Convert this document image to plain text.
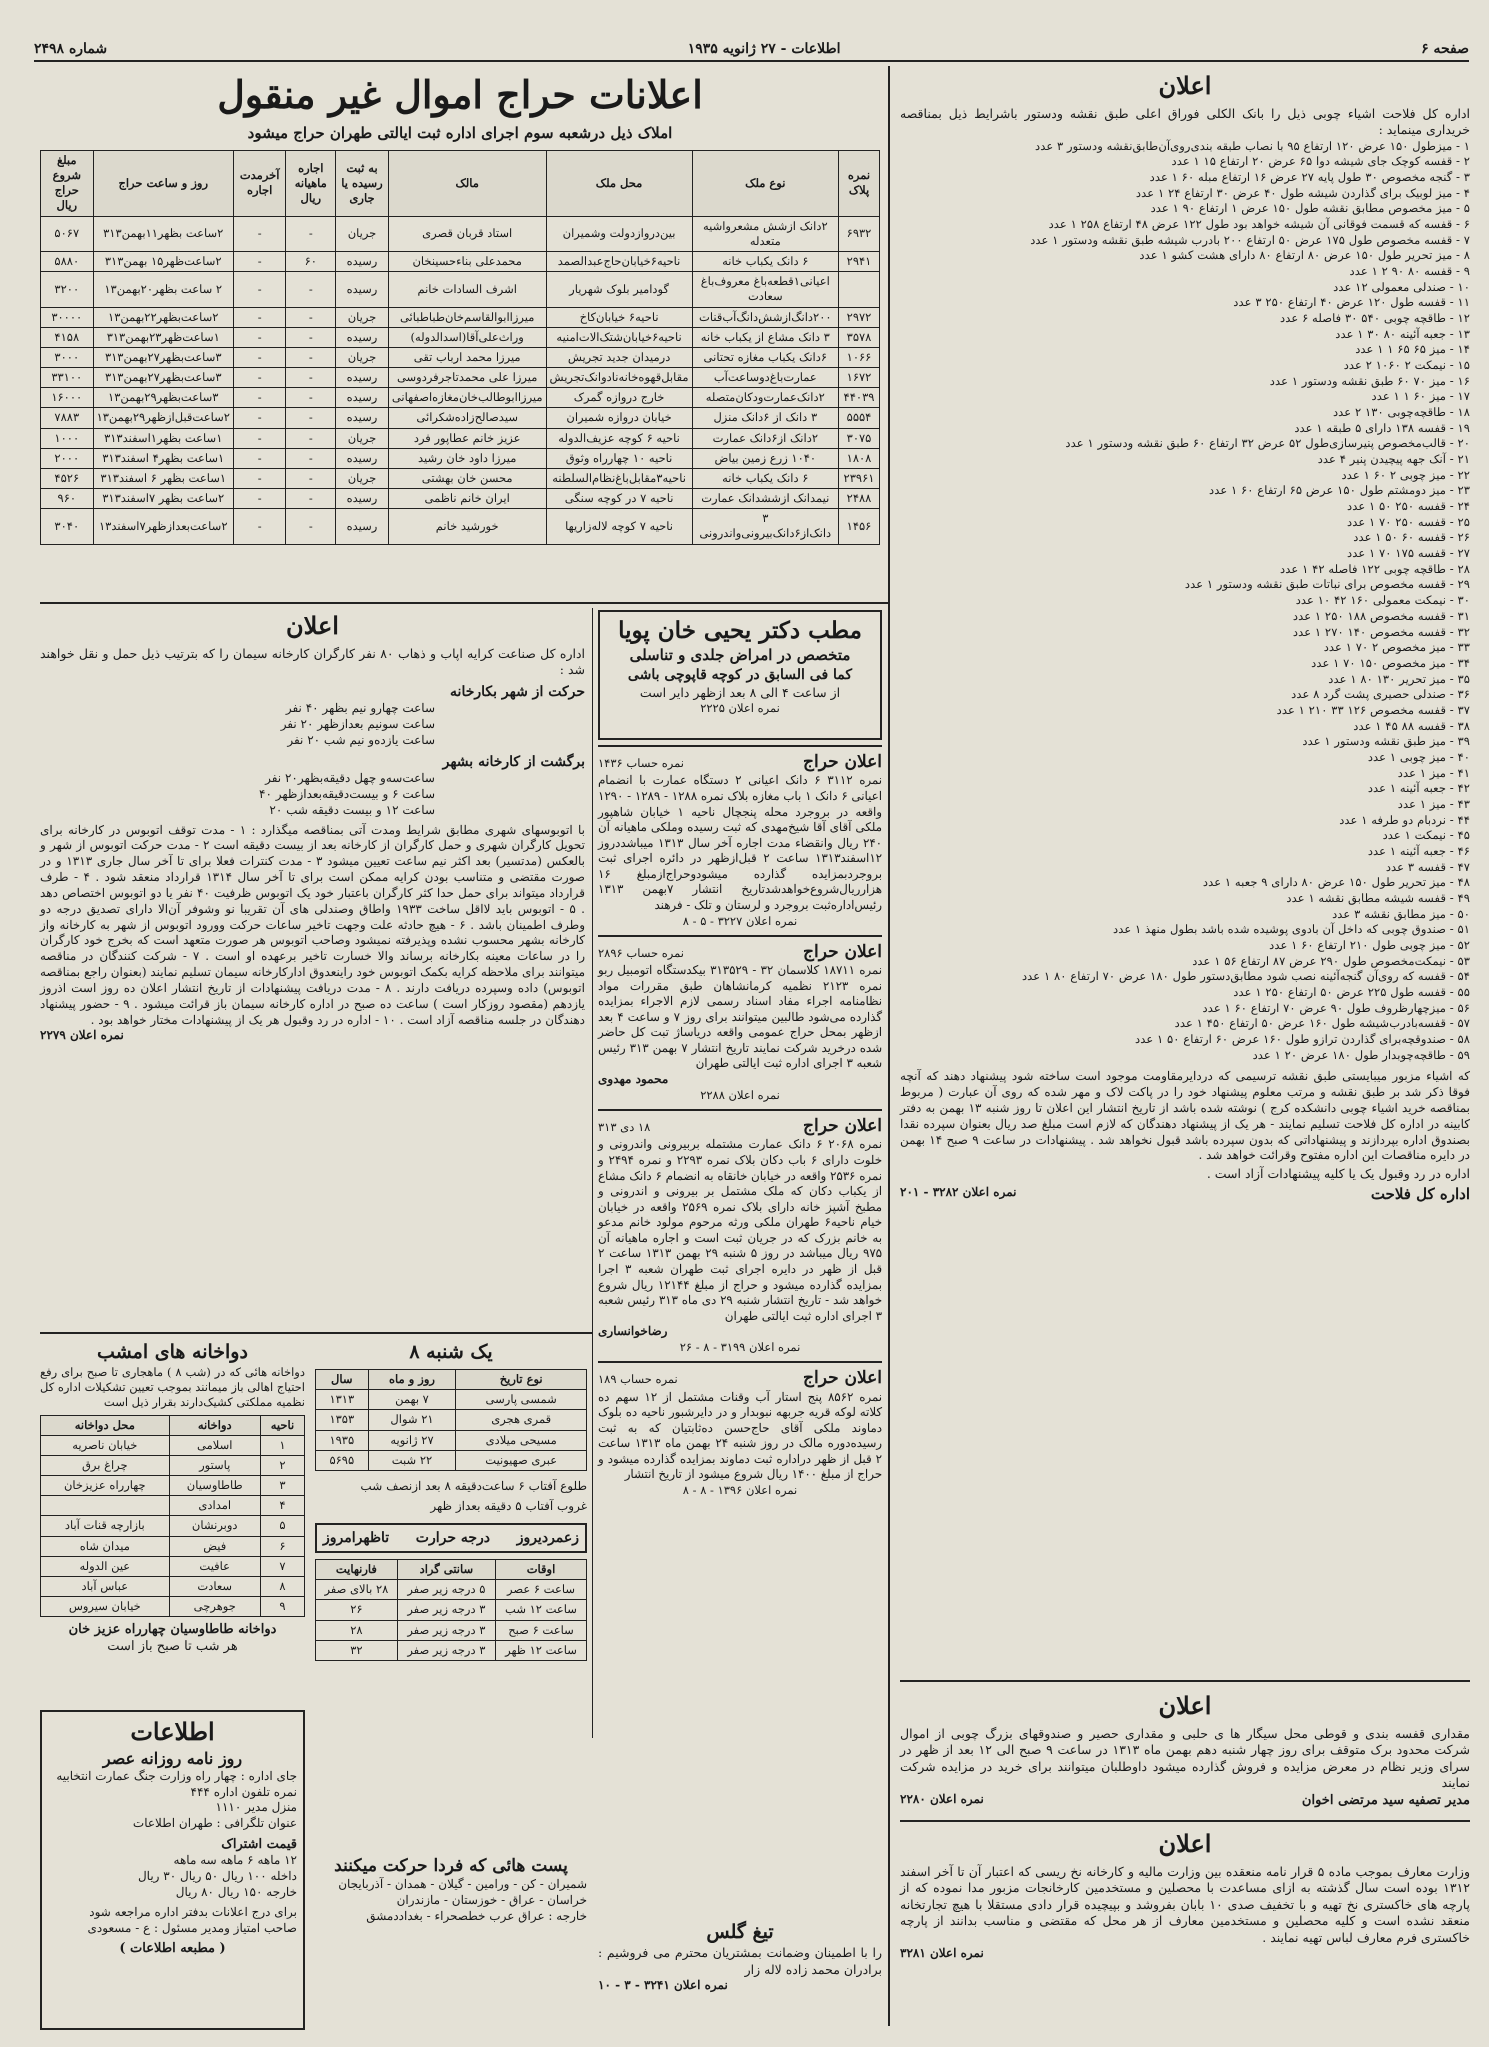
صفحه ۶
اطلاعات - ۲۷ ژانویه ۱۹۳۵
شماره ۲۴۹۸
اعلانات حراج اموال غیر منقول
املاک ذیل درشعبه سوم اجرای اداره ثبت ایالتی طهران حراج میشود
نمره پلاک	نوع ملک	محل ملک	مالک	به ثبت رسیده یا جاری	اجاره ماهیانه ریال	آخرمدت اجاره	روز و ساعت حراج	مبلغ شروع حراج ریال
۶۹۳۲	۲دانک ازشش مشعرواشیه متعدله	بین‌دروازدولت وشمیران	استاد قربان قصری	جریان	-	-	۲ساعت بظهر۱۱بهمن۳۱۳	۵۰۶۷
۲۹۴۱	۶ دانک یکباب خانه	ناحیه‌۶خیابان‌حاج‌عبدالصمد	محمدعلی بناءحسینخان	رسیده	۶۰	-	۲ساعت‌ظهر۱۵ بهمن۳۱۳	۵۸۸۰
	اعیانی‌۱قطعه‌باغ معروف‌باغ سعادت	گودامیر بلوک شهریار	اشرف السادات خانم	رسیده	-	-	۲ ساعت بظهر۲۰بهمن۱۳	۳۲۰۰
۲۹۷۲	۲۰۰دانگ‌ازشش‌دانگ‌آب‌قنات	ناحیه۶ خیابان‌کاخ	میرزاابوالقاسم‌خان‌طباطبائی	جریان	-	-	۲ساعت‌بظهر۲۲بهمن۱۳	۳۰۰۰۰
۳۵۷۸	۳ دانک مشاع از یکباب خانه	ناحیه۶خیابان‌شتک‌الات‌امنیه	وراث‌علی‌آقا(اسدالدوله)	رسیده	-	-	۱ساعت‌ظهر۲۳بهمن۳۱۳	۴۱۵۸
۱۰۶۶	۶دانک یکباب مغازه تحتانی	درمیدان جدید تجریش	میرزا محمد ارباب تقی	جریان	-	-	۳ساعت‌بظهر۲۷بهمن۳۱۳	۳۰۰۰
۱۶۷۲	عمارت‌باغ‌دوساعت‌آب	مقابل‌قهوه‌خانه‌نادوانک‌تجریش	میرزا علی محمدتاجرفردوسی	رسیده	-	-	۳ساعت‌بظهر۲۷بهمن۳۱۳	۳۳۱۰۰
۴۴۰۳۹	۲دانک‌عمارت‌ودکان‌متصله	خارج دروازه گمرک	میرزاابوطالب‌خان‌مغازه‌اصفهانی	رسیده	-	-	۳ساعت‌بظهر۲۹بهمن۱۳	۱۶۰۰۰
۵۵۵۴	۳ دانک از ۶دانک منزل	خیابان دروازه شمیران	سیدصالح‌زاده‌شکرائی	رسیده	-	-	۲ساعت‌قبل‌ازظهر۲۹بهمن۱۳	۷۸۸۳
۳۰۷۵	۲دانک از۶دانک عمارت	ناحیه ۶ کوچه عزیف‌الدوله	عزیز خانم عطاپور فرد	جریان	-	-	۱ساعت بظهر۱اسفند۳۱۳	۱۰۰۰
۱۸۰۸	۱۰۴۰ زرع زمین بیاض	ناحیه ۱۰ چهارراه وثوق	میرزا داود خان رشید	رسیده	-	-	۱ساعت بظهر۴ اسفند۳۱۳	۲۰۰۰
۲۳۹۶۱	۶ دانک یکباب خانه	ناحیه۳مقابل‌باغ‌نظام‌السلطنه	محسن خان بهشتی	جریان	-	-	۱ساعت بظهر ۶ اسفند۳۱۳	۴۵۲۶
۲۴۸۸	نیمدانک ازششدانک عمارت	ناحیه ۷ در کوچه سنگی	ایران خانم ناظمی	رسیده	-	-	۲ساعت بظهر ۷اسفند۳۱۳	۹۶۰
۱۴۵۶	۳ دانک‌از۶دانک‌بیرونی‌واندرونی	ناحیه ۷ کوچه لاله‌زاریها	خورشید خانم	رسیده	-	-	۲ساعت‌بعدازظهر۷اسفند۱۳	۳۰۴۰
اعلان

اداره کل فلاحت اشیاء چوبی ذیل را بانک الکلی فوراق اعلی طبق نقشه ودستور باشرایط ذیل بمناقصه خریداری مینماید :

۱ - میزطول ۱۵۰ عرض ۱۲۰ ارتفاع ۹۵ با نصاب طبقه بندی‌روی‌آن‌طابق‌نقشه ودستور ۳ عدد
۲ - قفسه کوچک جای شیشه دوا ۶۵ عرض ۲۰ ارتفاع ۱۵ ۱ عدد
۳ - گنجه مخصوص ۳۰ طول پایه ۲۷ عرض ۱۶ ارتفاع مبله ۶۰ ۱ عدد
۴ - میز لوبیک برای گذاردن شیشه طول ۴۰ عرض ۳۰ ارتفاع ۲۴ ۱ عدد
۵ - میز مخصوص مطابق نقشه طول ۱۵۰ عرض ۱ ارتفاع ۹۰ ۱ عدد
۶ - قفسه که قسمت فوقانی آن شیشه خواهد بود طول ۱۲۲ عرض ۴۸ ارتفاع ۲۵۸ ۱ عدد
۷ - قفسه مخصوص طول ۱۷۵ عرض ۵۰ ارتفاع ۲۰۰ بادرب شیشه طبق نقشه ودستور ۱ عدد
۸ - میز تحریر طول ۱۵۰ عرض ۸۰ ارتفاع ۸۰ دارای هشت کشو ۱ عدد
۹ - قفسه ۸۰ ۹۰ ۲ ۱ عدد
۱۰ - صندلی معمولی ۱۲ عدد
۱۱ - قفسه طول ۱۲۰ عرض ۴۰ ارتفاع ۲۵۰ ۳ عدد
۱۲ - طاقچه چوبی ۵۴۰ ۳۰ فاصله ۶ عدد
۱۳ - جعبه آئینه ۸۰ ۳۰ ۱ عدد
۱۴ - میز ۶۵ ۶۵ ۱ ۱ عدد
۱۵ - نیمکت ۲ ۱۰۶۰ ۲ عدد
۱۶ - میز ۷۰ ۶۰ طبق نقشه ودستور ۱ عدد
۱۷ - میز ۶۰ ۱ ۱ عدد
۱۸ - طاقچه‌چوبی ۱۳۰ ۲ عدد
۱۹ - قفسه ۱۳۸ دارای ۵ طبقه ۱ عدد
۲۰ - قالب‌مخصوص پنیرسازی‌طول ۵۲ عرض ۳۲ ارتفاع ۶۰ طبق نقشه ودستور ۱ عدد
۲۱ - آنک جهه پیچیدن پنیر ۴ عدد
۲۲ - میز چوبی ۲ ۶۰ ۱ عدد
۲۳ - میز دومشتم طول ۱۵۰ عرض ۶۵ ارتفاع ۶۰ ۱ عدد
۲۴ - قفسه ۲۵۰ ۵۰ ۱ عدد
۲۵ - قفسه ۲۵۰ ۷۰ ۱ عدد
۲۶ - قفسه ۶۰ ۵۰ ۱ عدد
۲۷ - قفسه ۱۷۵ ۷۰ ۱ عدد
۲۸ - طاقچه چوبی ۱۲۲ فاصله ۴۲ ۱ عدد
۲۹ - قفسه مخصوص برای نباتات طبق نقشه ودستور ۱ عدد
۳۰ - نیمکت معمولی ۱۶۰ ۴۲ ۱۰ عدد
۳۱ - قفسه مخصوص ۱۸۸ ۲۵۰ ۱ عدد
۳۲ - قفسه مخصوص ۱۴۰ ۲۷۰ ۱ عدد
۳۳ - میز مخصوص ۲ ۷۰ ۱ عدد
۳۴ - میز مخصوص ۱۵۰ ۷۰ ۱ عدد
۳۵ - میز تحریر ۱۳۰ ۸۰ ۱ عدد
۳۶ - صندلی حصیری پشت گرد ۸ عدد
۳۷ - قفسه مخصوص ۱۲۶ ۳۳ ۲۱۰ ۱ عدد
۳۸ - قفسه ۸۸ ۴۵ ۱ عدد
۳۹ - میز طبق نقشه ودستور ۱ عدد
۴۰ - میز چوبی ۱ عدد
۴۱ - میز ۱ عدد
۴۲ - جعبه آئینه ۱ عدد
۴۳ - میز ۱ عدد
۴۴ - نردبام دو طرفه ۱ عدد
۴۵ - نیمکت ۱ عدد
۴۶ - جعبه آئینه ۱ عدد
۴۷ - قفسه ۳ عدد
۴۸ - میز تحریر طول ۱۵۰ عرض ۸۰ دارای ۹ جعبه ۱ عدد
۴۹ - قفسه شیشه مطابق نقشه ۱ عدد
۵۰ - میز مطابق نقشه ۳ عدد
۵۱ - صندوق چوبی که داخل آن بادوی پوشیده شده باشد بطول منهذ ۱ عدد
۵۲ - میز چوبی طول ۲۱۰ ارتفاع ۶۰ ۱ عدد
۵۳ - نیمکت‌مخصوص طول ۲۹۰ عرض ۸۷ ارتفاع ۵۶ ۱ عدد
۵۴ - قفسه که روی‌آن گنجه‌آئینه نصب شود مطابق‌دستور طول ۱۸۰ عرض ۷۰ ارتفاع ۸۰ ۱ عدد
۵۵ - قفسه طول ۲۲۵ عرض ۵۰ ارتفاع ۲۵۰ ۱ عدد
۵۶ - میزچهارظروف طول ۹۰ عرض ۷۰ ارتفاع ۶۰ ۱ عدد
۵۷ - قفسه‌بادرب‌شیشه طول ۱۶۰ عرض ۵۰ ارتفاع ۴۵۰ ۱ عدد
۵۸ - صندوقچه‌برای گذاردن ترازو طول ۱۶۰ عرض ۶۰ ارتفاع ۵۰ ۱ عدد
۵۹ - طاقچه‌چوبدار طول ۱۸۰ عرض ۲۰ ۱ عدد

که اشیاء مزبور میبایستی طبق نقشه ترسیمی که دردایرمقاومت موجود است ساخته شود پیشنهاد دهند که آنچه فوقا ذکر شد بر طبق نقشه و مرتب معلوم پیشنهاد خود را در پاکت لاک و مهر شده که روی آن عبارت ( مربوط بمناقصه خرید اشیاء چوبی دانشکده کرج ) نوشته شده باشد از تاریخ انتشار این اعلان تا روز شنبه ۱۳ بهمن به دفتر کابینه در اداره کل فلاحت تسلیم نمایند - هر یک از پیشنهاد دهندگان که لازم است مبلغ صد ریال بعنوان سپرده نقدا بصندوق اداره بپردازند و پیشنهاداتی که بدون سپرده باشد قبول نخواهد شد . پیشنهادات در ساعت ۹ صبح ۱۴ بهمن در دایره مناقصات این اداره مفتوح وقرائت خواهد شد .

اداره در رد وقبول یک یا کلیه پیشنهادات آزاد است .

اداره کل فلاحت
نمره اعلان ۳۲۸۲ - ۲۰۱
اعلان

مقداری قفسه بندی و قوطی محل سیگار ها ی حلبی و مقداری حصیر و صندوقهای بزرگ چوبی از اموال شرکت محدود برک متوقف برای روز چهار شنبه دهم بهمن ماه ۱۳۱۳ در ساعت ۹ صبح الی ۱۲ بعد از ظهر در سرای وزیر نظام در معرض مزایده و فروش گذارده میشود داوطلبان میتوانند برای خرید در مزایده شرکت نمایند

مدیر تصفیه سید مرتضی اخوان
نمره اعلان ۲۲۸۰
اعلان

وزارت معارف بموجب ماده ۵ قرار نامه منعقده بین وزارت مالیه و کارخانه نخ ریسی که اعتبار آن تا آخر اسفند ۱۳۱۲ بوده است سال گذشته به ازای مساعدت با محصلین و مستخدمین کارخانجات مزبور مدا نموده که از پارچه های خاکستری نخ تهیه و با تخفیف صدی ۱۰ بابان بفروشد و بپیچیده قرار دادی مستقلا با هیچ تجارتخانه منعقد نشده است و کلیه محصلین و مستخدمین معارف از هر محل که مقتضی و مناسب بدانند از پارچه خاکستری فرم معارف لباس تهیه نمایند .

نمره اعلان ۳۲۸۱
مطب دکتر یحیی خان پویا
متخصص در امراض جلدی و تناسلی
کما فی السابق در کوچه قاپوچی باشی
از ساعت ۴ الی ۸ بعد ازظهر دایر است
نمره اعلان ۲۲۲۵
اعلان حراج
نمره حساب ۱۴۳۶

نمره ۳۱۱۲ ۶ دانک اعیانی ۲ دستگاه عمارت با انضمام اعیانی ۶ دانک ۱ باب مغازه بلاک نمره ۱۲۸۸ - ۱۲۸۹ - ۱۲۹۰ واقعه در بروجرد محله پنجچال ناحیه ۱ خیابان شاهپور ملکی آقای آقا شیخ‌مهدی که ثبت رسیده وملکی ماهیانه آن ۲۴۰ ریال وانقضاء مدت اجاره آخر سال ۱۳۱۳ میباشددروز ۱۲اسفند۱۳۱۳ ساعت ۲ قبل‌ازظهر در دائره اجرای ثبت بروجردبمزایده گذارده میشودوحراج‌ازمبلغ ۱۶ هزارریال‌شروع‌خواهدشدتاریخ انتشار ۷بهمن ۱۳۱۳ رئیس‌اداره‌ثبت بروجرد و لرستان و تلک - فرهند

نمره اعلان ۳۲۲۷ - ۵ - ۸
اعلان حراج
نمره حساب ۲۸۹۶

نمره ۱۸۷۱۱ کلاسمان ۳۲ - ۳۱۳۵۲۹ بیکدستگاه اتومبیل ربو نمره ۲۱۲۳ نظمیه کرمانشاهان طبق مقررات مواد نظامنامه اجراء مفاد اسناد رسمی لازم الاجراء بمزایده گذارده می‌شود طالبین میتوانند برای روز ۷ و ساعت ۴ بعد ازظهر بمحل حراج عمومی واقعه دریاساژ تبت کل حاضر شده درخرید شرکت نمایند تاریخ انتشار ۷ بهمن ۳۱۳ رئیس شعبه ۳ اجرای اداره ثبت ایالتی طهران

محمود مهدوی
نمره اعلان ۲۲۸۸
اعلان حراج
۱۸ دی ۳۱۳

نمره ۲۰۶۸ ۶ دانک عمارت مشتمله بربیرونی واندرونی و خلوت دارای ۶ باب دکان بلاک نمره ۲۲۹۳ و نمره ۲۴۹۴ و نمره ۲۵۳۶ واقعه در خیابان خانقاه به انضمام ۶ دانک مشاع از یکباب دکان که ملک مشتمل بر بیرونی و اندرونی و مطبخ آشپز خانه دارای بلاک نمره ۲۵۶۹ واقعه در خیابان خیام ناحیه۶ طهران ملکی ورثه مرحوم مولود خانم مدعو به خانم بزرک که در جریان ثبت است و اجاره ماهیانه آن ۹۷۵ ریال میباشد در روز ۵ شنبه ۲۹ بهمن ۱۳۱۳ ساعت ۲ قبل از ظهر در دایره اجرای ثبت طهران شعبه ۳ اجرا بمزایده گذارده میشود و حراج از مبلغ ۱۲۱۴۴ ریال شروع خواهد شد - تاریخ انتشار شنبه ۲۹ دی ماه ۳۱۳ رئیس شعبه ۳ اجرای اداره ثبت ایالتی طهران

رضاخوانساری
نمره اعلان ۳۱۹۹ - ۸ - ۲۶
اعلان حراج
نمره حساب ۱۸۹

نمره ۸۵۶۲ پنج استار آب وقنات مشتمل از ۱۲ سهم ده کلاته لوکه قریه جربهه نبوبدار و در دایرشبور ناحیه ده بلوک دماوند ملکی آقای حاج‌حسن ده‌ثابتیان که به ثبت رسیده‌دوره مالک در روز شنبه ۲۴ بهمن ماه ۱۳۱۳ ساعت ۲ قبل از ظهر دراداره ثبت دماوند بمزایده گذارده میشود و حراج از مبلغ ۱۴۰۰ ریال شروع میشود از تاریخ انتشار

نمره اعلان ۱۳۹۶ - ۸ - ۸
اعلان

اداره کل صناعت کرایه اپاب و ذهاب ۸۰ نفر کارگران کارخانه سیمان را که بترتیب ذیل حمل و نقل خواهند شد :

حرکت از شهر بکارخانه
ساعت چهارو نیم بظهر ۴۰ نفر
ساعت سونیم بعدازظهر ۲۰ نفر
ساعت یازده‌و نیم شب ۲۰ نفر
برگشت از کارخانه بشهر
ساعت‌سه‌و چهل دقیقه‌بظهر۲۰ نفر
ساعت ۶ و بیست‌دقیقه‌بعدازظهر ۴۰
ساعت ۱۲ و بیست دقیقه شب ۲۰

با اتوبوسهای شهری مطابق شرایط ومدت آتی بمناقصه میگذارد : ۱ - مدت توقف اتوبوس در کارخانه برای تحویل کارگران شهری و حمل کارگران از کارخانه بعد از بیست دقیقه است ۲ - مدت حرکت اتوبوس از شهر و بالعکس (مدتسیر) بعد اکثر نیم ساعت تعیین میشود ۳ - مدت کنترات فعلا برای تا آخر سال جاری ۱۳۱۳ و در صورت مقتضی و متناسب بودن کرایه ممکن است برای تا آخر سال ۱۳۱۴ قرارداد منعقد شود . ۴ - طرف قرارداد میتواند برای حمل حدا کثر کارگران باعتبار خود یک اتوبوس ظرفیت ۴۰ نفر یا دو اتوبوس اختصاص دهد . ۵ - اتوبوس باید لااقل ساخت ۱۹۳۳ واطاق وصندلی های آن تقریبا نو وشوفر آن‌الا دارای تصدیق درجه دو وطرف اطمینان باشد . ۶ - هیچ حادثه علت وجهت تاخیر ساعات حرکت وورود اتوبوس از شهر به کارخانه واز کارخانه بشهر محسوب نشده وپذیرفته نمیشود وصاحب اتوبوس هر صورت متعهد است که بخرج خود کارگران را در ساعات معینه بکارخانه برساند والا خسارت تاخیر برعهده او است . ۷ - شرکت کنندگان در مناقصه میتوانند برای ملاحظه کرایه بکمک اتوبوس خود راینعدوق ادارکارخانه سیمان تسلیم نمایند (بعنوان راجع بمناقصه اتوبوس) داده وسپرده دریافت دارند . ۸ - مدت دریافت پیشنهادات از تاریخ انتشار اعلان ده روز است اذروز یازدهم (مقصود روزکار است ) ساعت ده صبح در اداره کارخانه سیمان باز قرائت میشود . ۹ - حضور پیشنهاد دهندگان در جلسه مناقصه آزاد است . ۱۰ - اداره در رد وقبول هر یک از پیشنهادات مختار خواهد بود .

نمره اعلان ۲۲۷۹
یک شنبه ۸
نوع تاریخ	روز و ماه	سال
شمسی پارسی	۷ بهمن	۱۳۱۳
قمری هجری	۲۱ شوال	۱۳۵۳
مسیحی میلادی	۲۷ ژانویه	۱۹۳۵
عبری صهیونیت	۲۲ شبت	۵۶۹۵
طلوع آفتاب ۶ ساعت‌دقیقه ۸ بعد ازنصف شب
غروب آفتاب ۵ دقیقه بعداز ظهر
زعمردیروز
درجه حرارت
تاظهرامروز
اوقات	سانتی گراد	فارنهایت
ساعت ۶ عصر	۵ درجه زیر صفر	۲۸ بالای صفر
ساعت ۱۲ شب	۳ درجه زیر صفر	۲۶
ساعت ۶ صبح	۳ درجه زیر صفر	۲۸
ساعت ۱۲ ظهر	۳ درجه زیر صفر	۳۲
دواخانه های امشب

دواخانه هائی که در (شب ۸ ) ماهجاری تا صبح برای رفع احتیاج اهالی باز میمانند بموجب تعیین تشکیلات اداره کل نظمیه مملکتی کشیک‌دارند بقرار ذیل است

ناحیه	دواخانه	محل دواخانه
۱	اسلامی	خیابان ناصریه
۲	پاستور	چراغ برق
۳	طاطاوسیان	چهارراه عزیزخان
۴	امدادی	
۵	دوبرنشان	بازارچه قنات آباد
۶	فیض	میدان شاه
۷	عافیت	عین الدوله
۸	سعادت	عباس آباد
۹	جوهرچی	خیابان سیروس
دواخانه طاطاوسیان چهارراه عزیز خان
هر شب تا صبح باز است
اطلاعات
روز نامه روزانه عصر
جای اداره : چهار راه وزارت جنگ عمارت انتخابیه
نمره تلفون اداره ۴۴۴
منزل مدیر ۱۱۱۰
عنوان تلگرافی : طهران اطلاعات
قیمت اشتراک
۱۲ ماهه ۶ ماهه سه ماهه
داخله ۱۰۰ ریال ۵۰ ریال ۳۰ ریال
خارجه ۱۵۰ ریال ۸۰ ریال
برای درج اعلانات بدفتر اداره مراجعه شود
صاحب امتیاز ومدیر مسئول : ع - مسعودی
( مطبعه اطلاعات )
پست هائی که فردا حرکت میکنند
شمیران - کن - ورامین - گیلان - همدان - آذربایجان
خراسان - عراق - خوزستان - مازندران
خارجه : عراق عرب خطصحراء - بغداددمشق
تیغ گلس

را با اطمینان وضمانت بمشتریان محترم می فروشیم : برادران محمد زاده لاله زار

نمره اعلان ۳۲۴۱ - ۳ - ۱۰
